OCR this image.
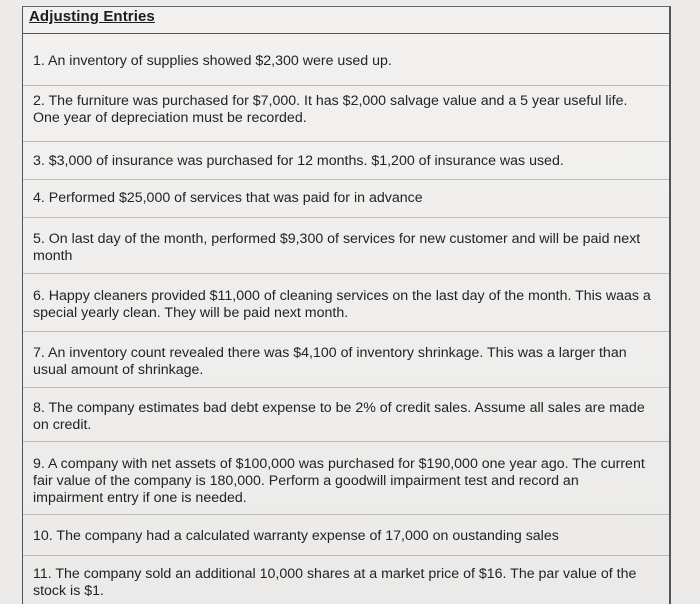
Adjusting Entries
1. An inventory of supplies showed $2,300 were used up.
2. The furniture was purchased for $7,000. It has $2,000 salvage value and a 5 year useful life.
One year of depreciation must be recorded.
3. $3,000 of insurance was purchased for 12 months. $1,200 of insurance was used.
4. Performed $25,000 of services that was paid for in advance
5. On last day of the month, performed $9,300 of services for new customer and will be paid next
month
6. Happy cleaners provided $11,000 of cleaning services on the last day of the month. This waas a
special yearly clean. They will be paid next month.
7. An inventory count revealed there was $4,100 of inventory shrinkage. This was a larger than
usual amount of shrinkage.
8. The company estimates bad debt expense to be 2% of credit sales. Assume all sales are made
on credit.
9. A company with net assets of $100,000 was purchased for $190,000 one year ago. The current
fair value of the company is 180,000. Perform a goodwill impairment test and record an
impairment entry if one is needed.
10. The company had a calculated warranty expense of 17,000 on oustanding sales
11. The company sold an additional 10,000 shares at a market price of $16. The par value of the
stock is $1.
